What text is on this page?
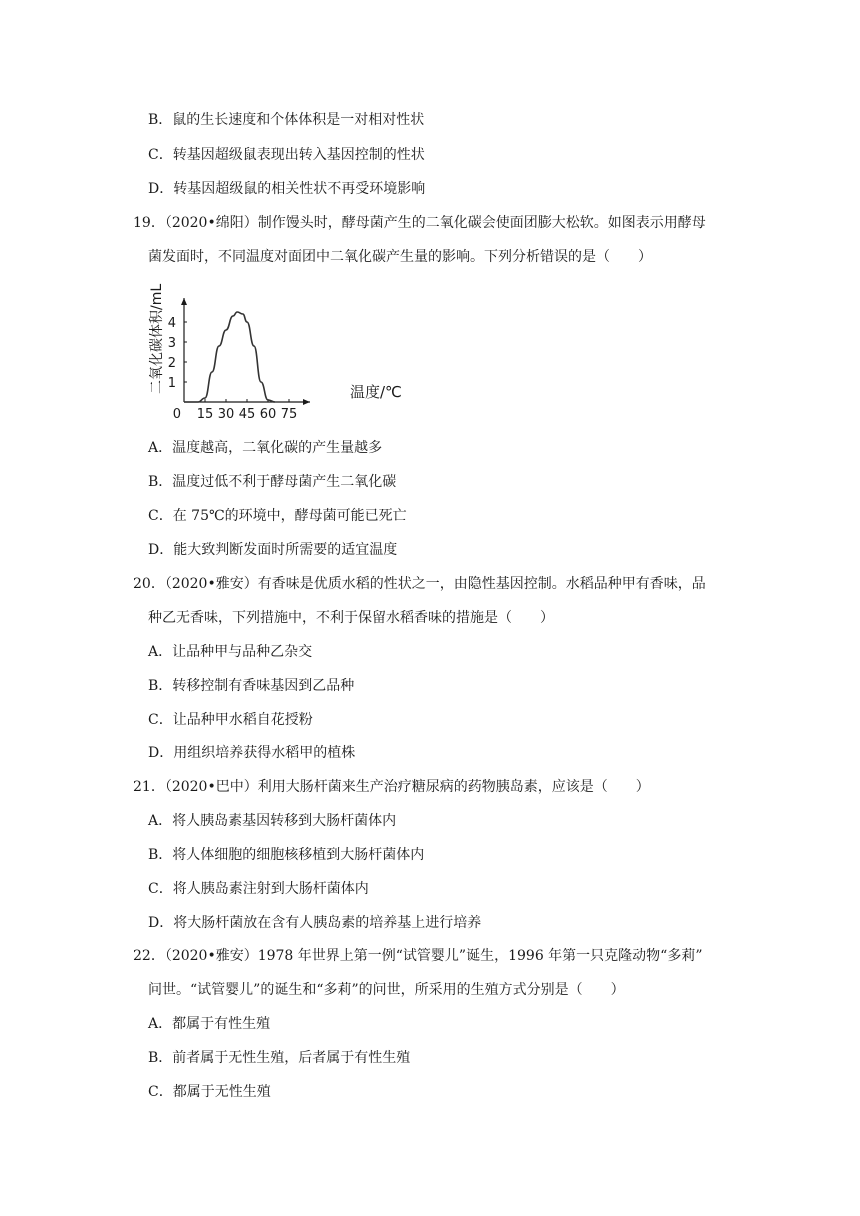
B．鼠的生长速度和个体体积是一对相对性状
C．转基因超级鼠表现出转入基因控制的性状
D．转基因超级鼠的相关性状不再受环境影响
19．（2020•绵阳）制作馒头时，酵母菌产生的二氧化碳会使面团膨大松软。如图表示用酵母
菌发面时，不同温度对面团中二氧化碳产生量的影响。下列分析错误的是（　　）
0 15 30 45 60 75
1
2
3
4
二氧化碳体积/mL	温度/℃
A．温度越高，二氧化碳的产生量越多
B．温度过低不利于酵母菌产生二氧化碳
C．在 75℃的环境中，酵母菌可能已死亡
D．能大致判断发面时所需要的适宜温度
20．（2020•雅安）有香味是优质水稻的性状之一，由隐性基因控制。水稻品种甲有香味，品
种乙无香味，下列措施中，不利于保留水稻香味的措施是（　　）
A．让品种甲与品种乙杂交
B．转移控制有香味基因到乙品种
C．让品种甲水稻自花授粉
D．用组织培养获得水稻甲的植株
21．（2020•巴中）利用大肠杆菌来生产治疗糖尿病的药物胰岛素，应该是（　　）
A．将人胰岛素基因转移到大肠杆菌体内
B．将人体细胞的细胞核移植到大肠杆菌体内
C．将人胰岛素注射到大肠杆菌体内
D．将大肠杆菌放在含有人胰岛素的培养基上进行培养
22．（2020•雅安）1978 年世界上第一例“试管婴儿”诞生，1996 年第一只克隆动物“多莉”
问世。“试管婴儿”的诞生和“多莉”的问世，所采用的生殖方式分别是（　　）
A．都属于有性生殖
B．前者属于无性生殖，后者属于有性生殖
C．都属于无性生殖
